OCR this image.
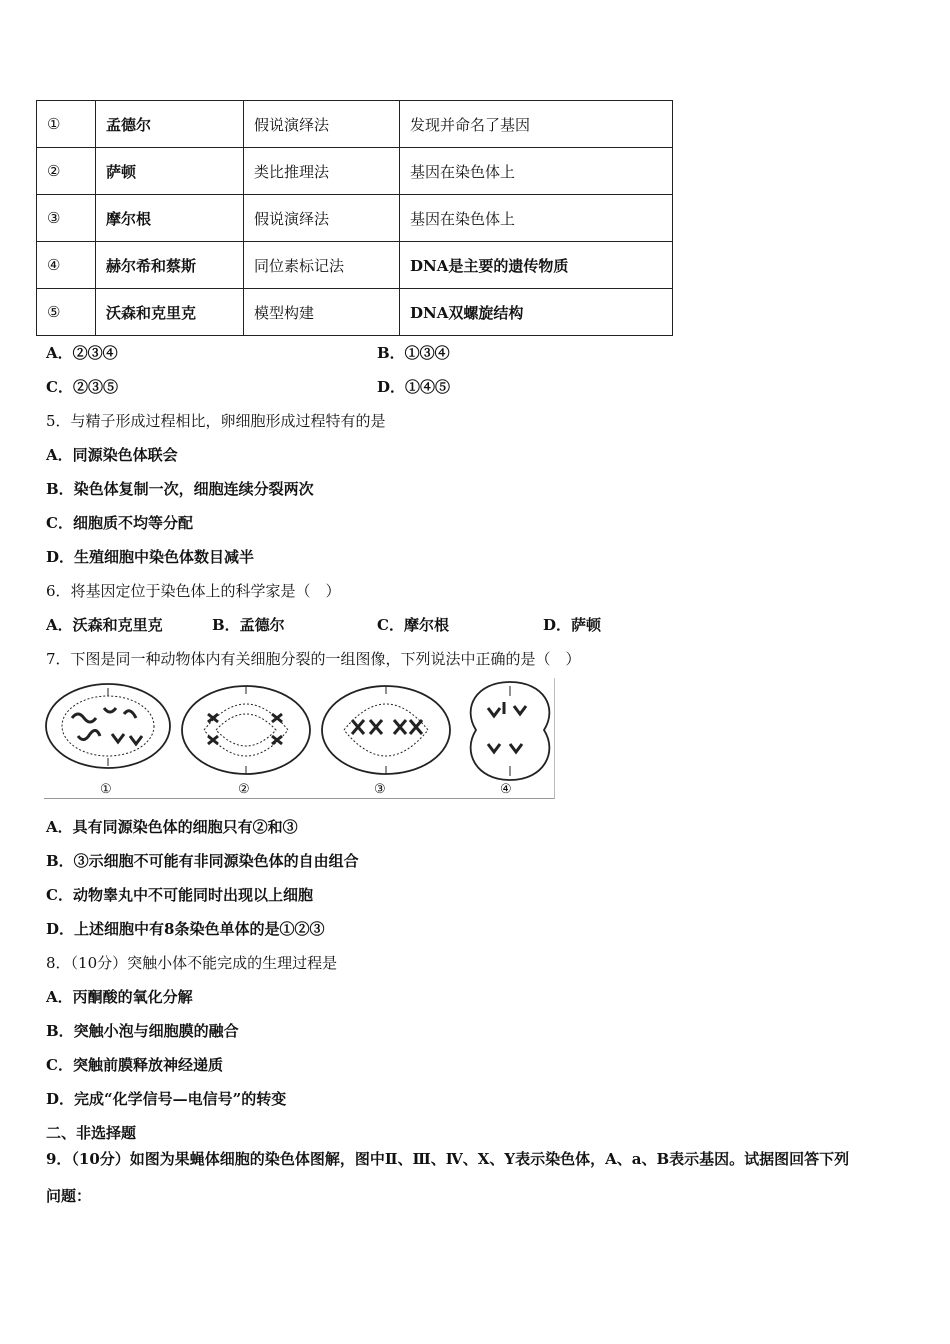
①	孟德尔	假说演绎法	发现并命名了基因
②	萨顿	类比推理法	基因在染色体上
③	摩尔根	假说演绎法	基因在染色体上
④	赫尔希和蔡斯	同位素标记法	DNA是主要的遗传物质
⑤	沃森和克里克	模型构建	DNA双螺旋结构
A．②③④	B．①③④
C．②③⑤	D．①④⑤
5．与精子形成过程相比，卵细胞形成过程特有的是
A．同源染色体联会
B．染色体复制一次，细胞连续分裂两次
C．细胞质不均等分配
D．生殖细胞中染色体数目减半
6．将基因定位于染色体上的科学家是（　）
A．沃森和克里克	B．孟德尔	C．摩尔根	D．萨顿
7．下图是同一种动物体内有关细胞分裂的一组图像，下列说法中正确的是（　）
①	②	③	④
A．具有同源染色体的细胞只有②和③
B．③示细胞不可能有非同源染色体的自由组合
C．动物睾丸中不可能同时出现以上细胞
D．上述细胞中有8条染色单体的是①②③
8．（10分）突触小体不能完成的生理过程是
A．丙酮酸的氧化分解
B．突触小泡与细胞膜的融合
C．突触前膜释放神经递质
D．完成“化学信号—电信号”的转变
二、非选择题
9．（10分）如图为果蝇体细胞的染色体图解，图中Ⅱ、Ⅲ、Ⅳ、X、Y表示染色体，A、a、B表示基因。试据图回答下列
问题：
